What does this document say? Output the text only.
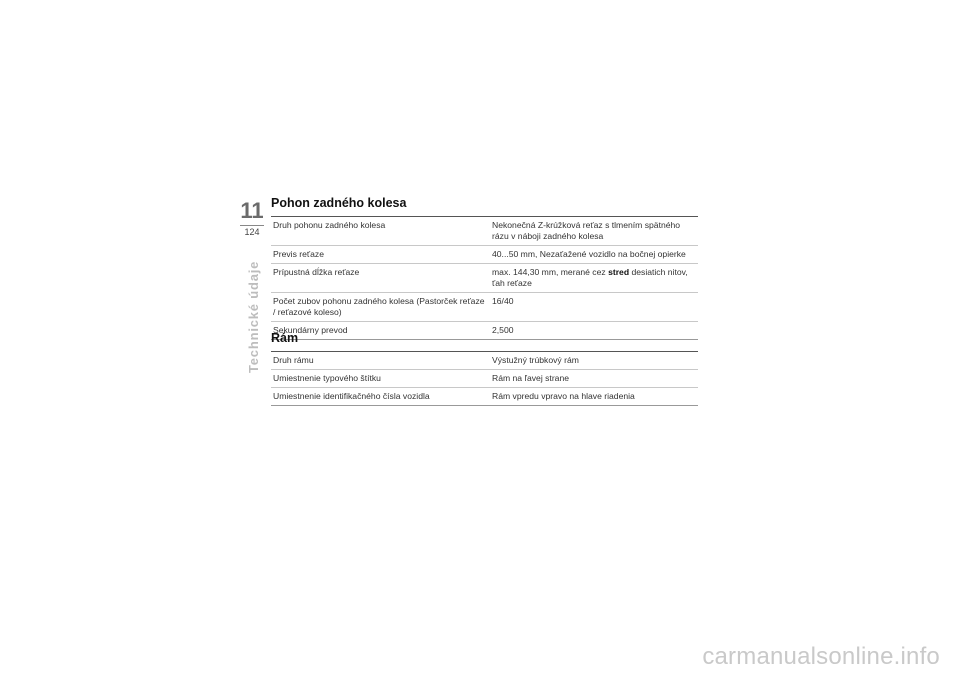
11
124
Technické údaje
Pohon zadného kolesa
Druh pohonu zadného kolesa	Nekonečná Z-krúžková reťaz s tlmením spätného rázu v náboji zadného kolesa
Previs reťaze	40...50 mm, Nezaťažené vozidlo na bočnej opierke
Prípustná dĺžka reťaze	max. 144,30 mm, merané cez stred desiatich nitov, ťah reťaze
Počet zubov pohonu zadného kolesa (Pastorček reťaze / reťazové koleso)	16/40
Sekundárny prevod	2,500
Rám
Druh rámu	Výstužný trúbkový rám
Umiestnenie typového štítku	Rám na ľavej strane
Umiestnenie identifikačného čísla vozidla	Rám vpredu vpravo na hlave riadenia
carmanualsonline.info
